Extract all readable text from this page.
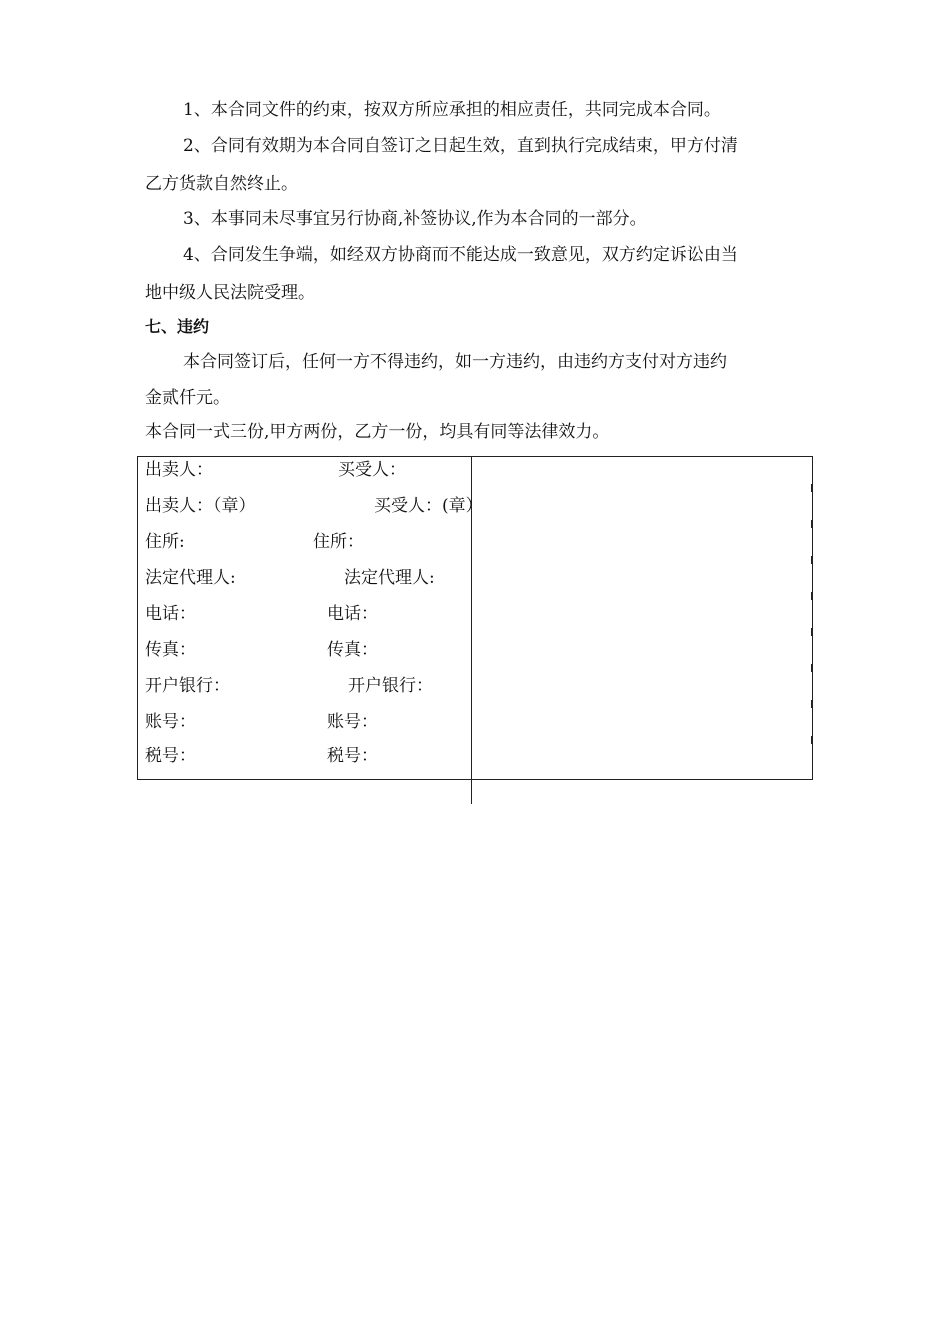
1、本合同文件的约束，按双方所应承担的相应责任，共同完成本合同。
2、合同有效期为本合同自签订之日起生效，直到执行完成结束，甲方付清
乙方货款自然终止。
3、本事同未尽事宜另行协商,补签协议,作为本合同的一部分。
4、合同发生争端，如经双方协商而不能达成一致意见，双方约定诉讼由当
地中级人民法院受理。
七、违约
本合同签订后，任何一方不得违约，如一方违约，由违约方支付对方违约
金贰仟元。
本合同一式三份,甲方两份，乙方一份，均具有同等法律效力。
出卖人：	买受人：
出卖人：（章）	买受人：(章）
住所:	住所：
法定代理人:	法定代理人:
电话：	电话：
传真：	传真：
开户银行：	开户银行：
账号：	账号：
税号：	税号：
